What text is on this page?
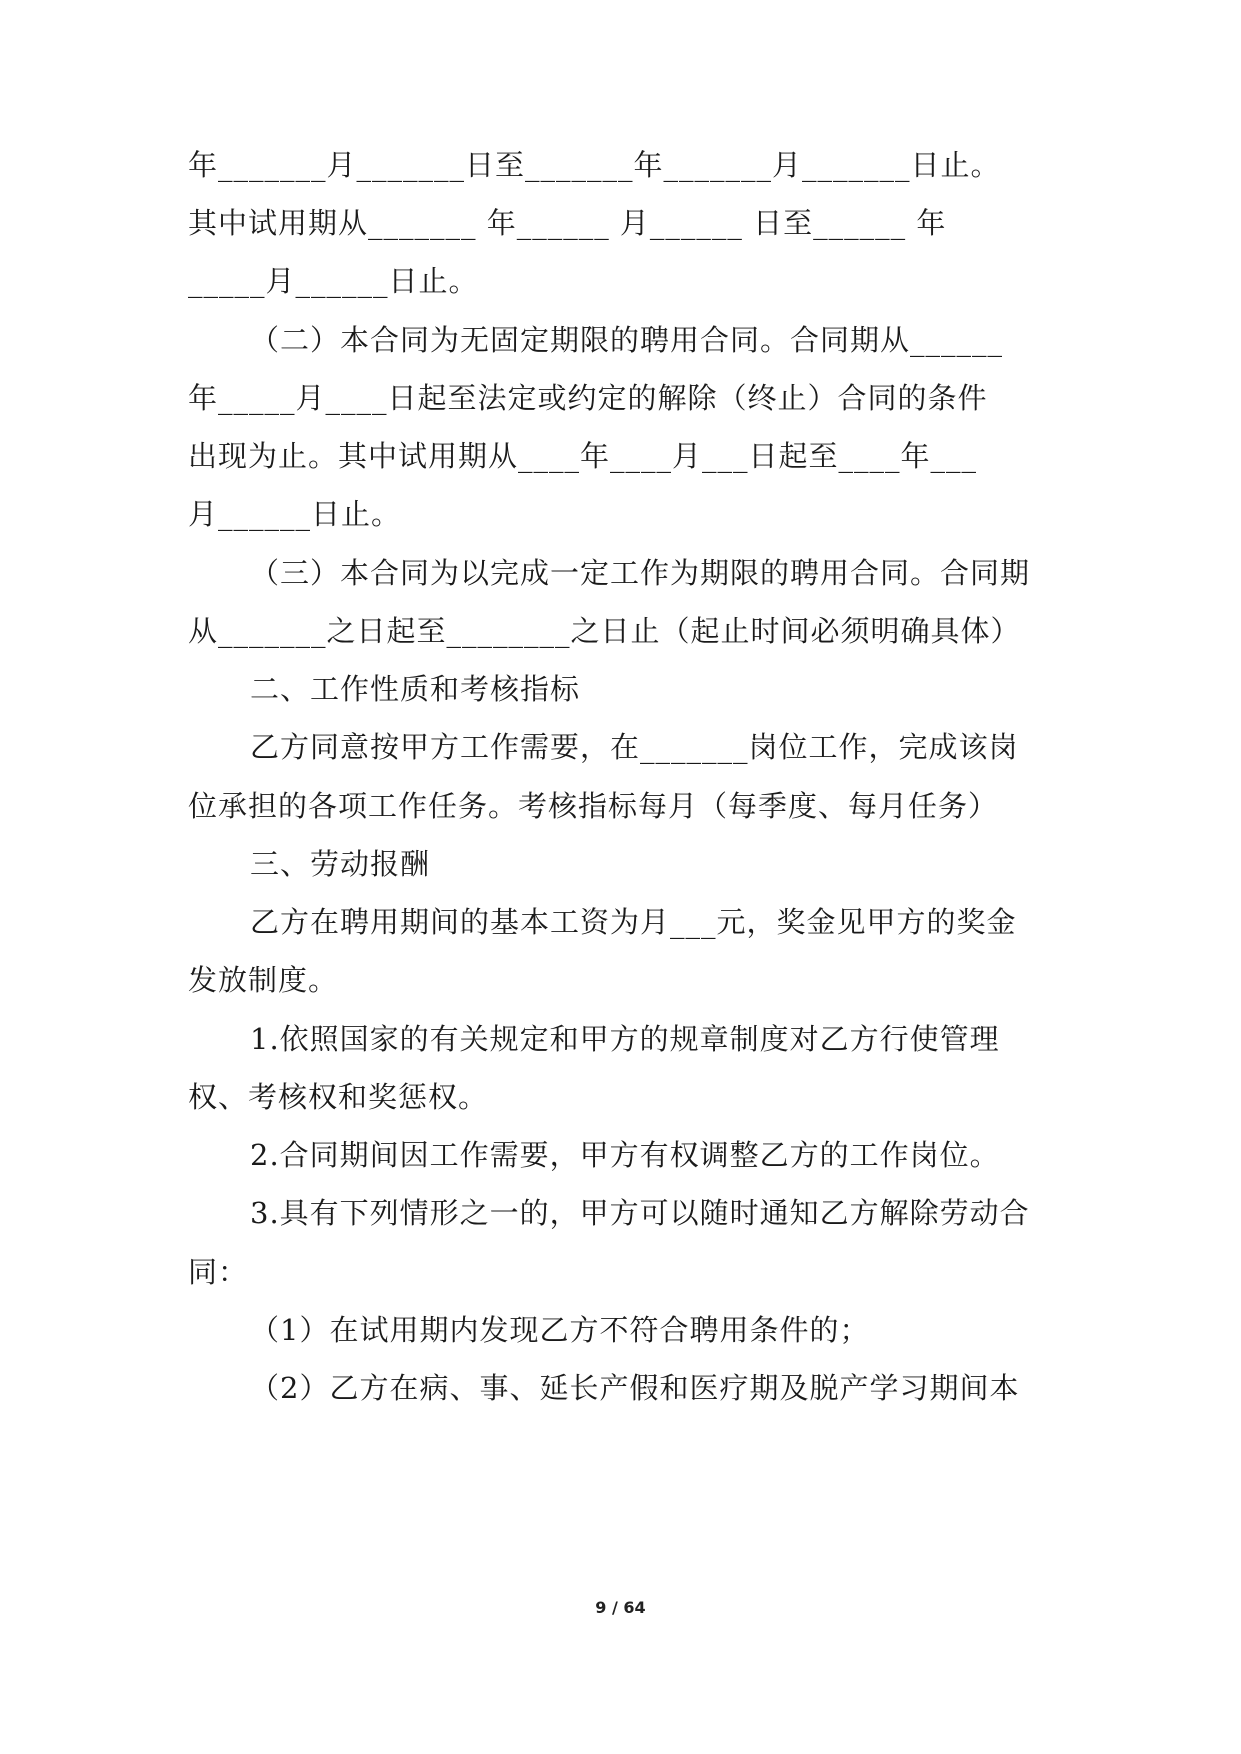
年_______月_______日至_______年_______月_______日止。
其中试用期从_______ 年______ 月______ 日至______ 年
_____月______日止。
（二）本合同为无固定期限的聘用合同。合同期从______
年_____月____日起至法定或约定的解除（终止）合同的条件
出现为止。其中试用期从____年____月___日起至____年___
月______日止。
（三）本合同为以完成一定工作为期限的聘用合同。合同期
从_______之日起至________之日止（起止时间必须明确具体）
二、工作性质和考核指标
乙方同意按甲方工作需要，在_______岗位工作，完成该岗
位承担的各项工作任务。考核指标每月（每季度、每月任务）
三、劳动报酬
乙方在聘用期间的基本工资为月___元，奖金见甲方的奖金
发放制度。
1.依照国家的有关规定和甲方的规章制度对乙方行使管理
权、考核权和奖惩权。
2.合同期间因工作需要，甲方有权调整乙方的工作岗位。
3.具有下列情形之一的，甲方可以随时通知乙方解除劳动合
同：
（1）在试用期内发现乙方不符合聘用条件的；
（2）乙方在病、事、延长产假和医疗期及脱产学习期间本
9 / 64
